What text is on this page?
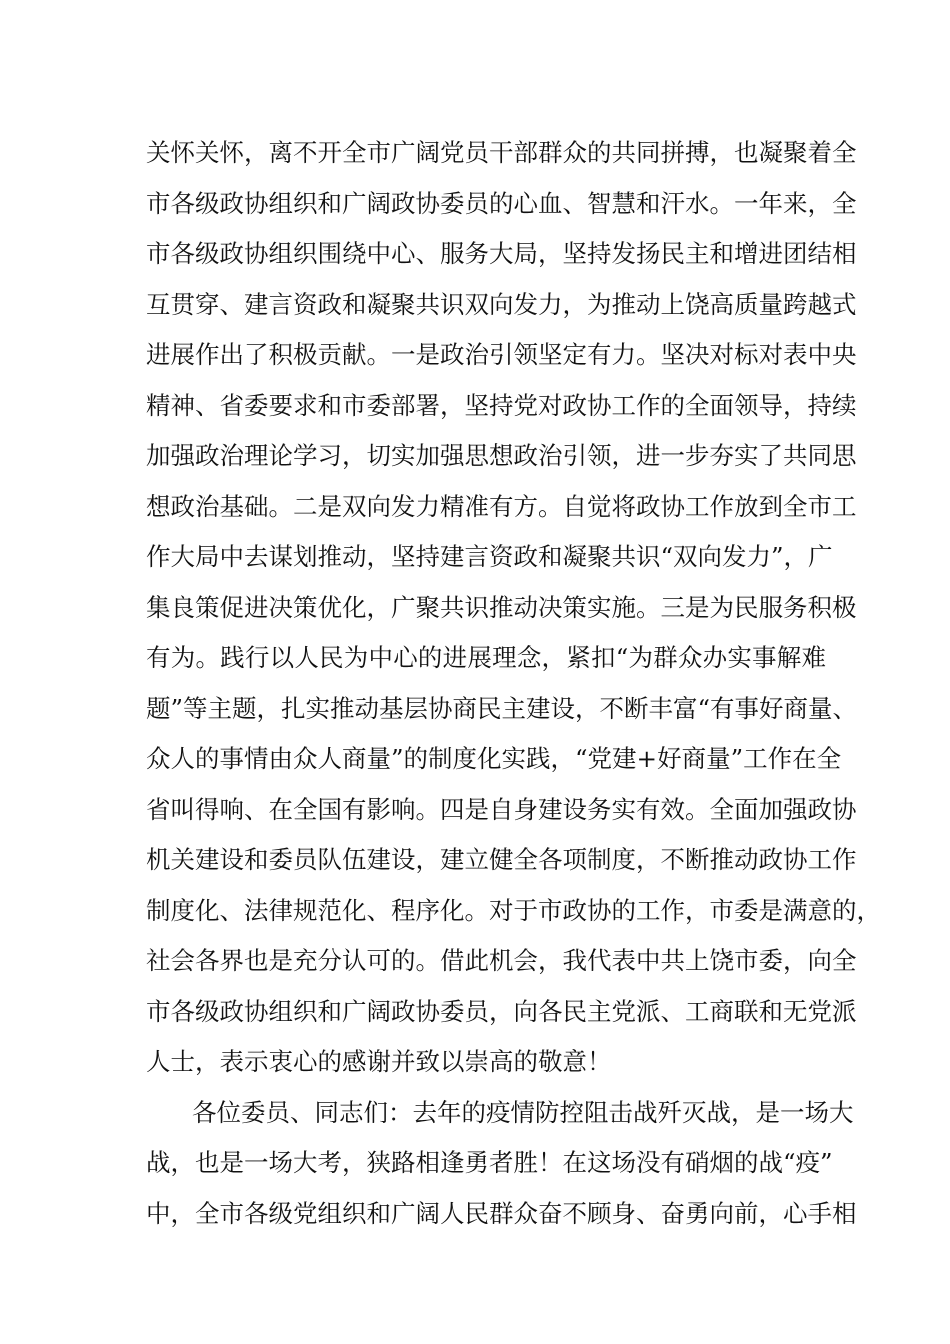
关怀关怀，离不开全市广阔党员干部群众的共同拼搏，也凝聚着全
市各级政协组织和广阔政协委员的心血、智慧和汗水。一年来，全
市各级政协组织围绕中心、服务大局，坚持发扬民主和增进团结相
互贯穿、建言资政和凝聚共识双向发力，为推动上饶高质量跨越式
进展作出了积极贡献。一是政治引领坚定有力。坚决对标对表中央
精神、省委要求和市委部署，坚持党对政协工作的全面领导，持续
加强政治理论学习，切实加强思想政治引领，进一步夯实了共同思
想政治基础。二是双向发力精准有方。自觉将政协工作放到全市工
作大局中去谋划推动，坚持建言资政和凝聚共识“双向发力”，广
集良策促进决策优化，广聚共识推动决策实施。三是为民服务积极
有为。践行以人民为中心的进展理念，紧扣“为群众办实事解难
题”等主题，扎实推动基层协商民主建设，不断丰富“有事好商量、
众人的事情由众人商量”的制度化实践，“党建+好商量”工作在全
省叫得响、在全国有影响。四是自身建设务实有效。全面加强政协
机关建设和委员队伍建设，建立健全各项制度，不断推动政协工作
制度化、法律规范化、程序化。对于市政协的工作，市委是满意的，
社会各界也是充分认可的。借此机会，我代表中共上饶市委，向全
市各级政协组织和广阔政协委员，向各民主党派、工商联和无党派
人士，表示衷心的感谢并致以崇高的敬意！
各位委员、同志们：去年的疫情防控阻击战歼灭战，是一场大
战，也是一场大考，狭路相逢勇者胜！在这场没有硝烟的战“疫”
中，全市各级党组织和广阔人民群众奋不顾身、奋勇向前，心手相
